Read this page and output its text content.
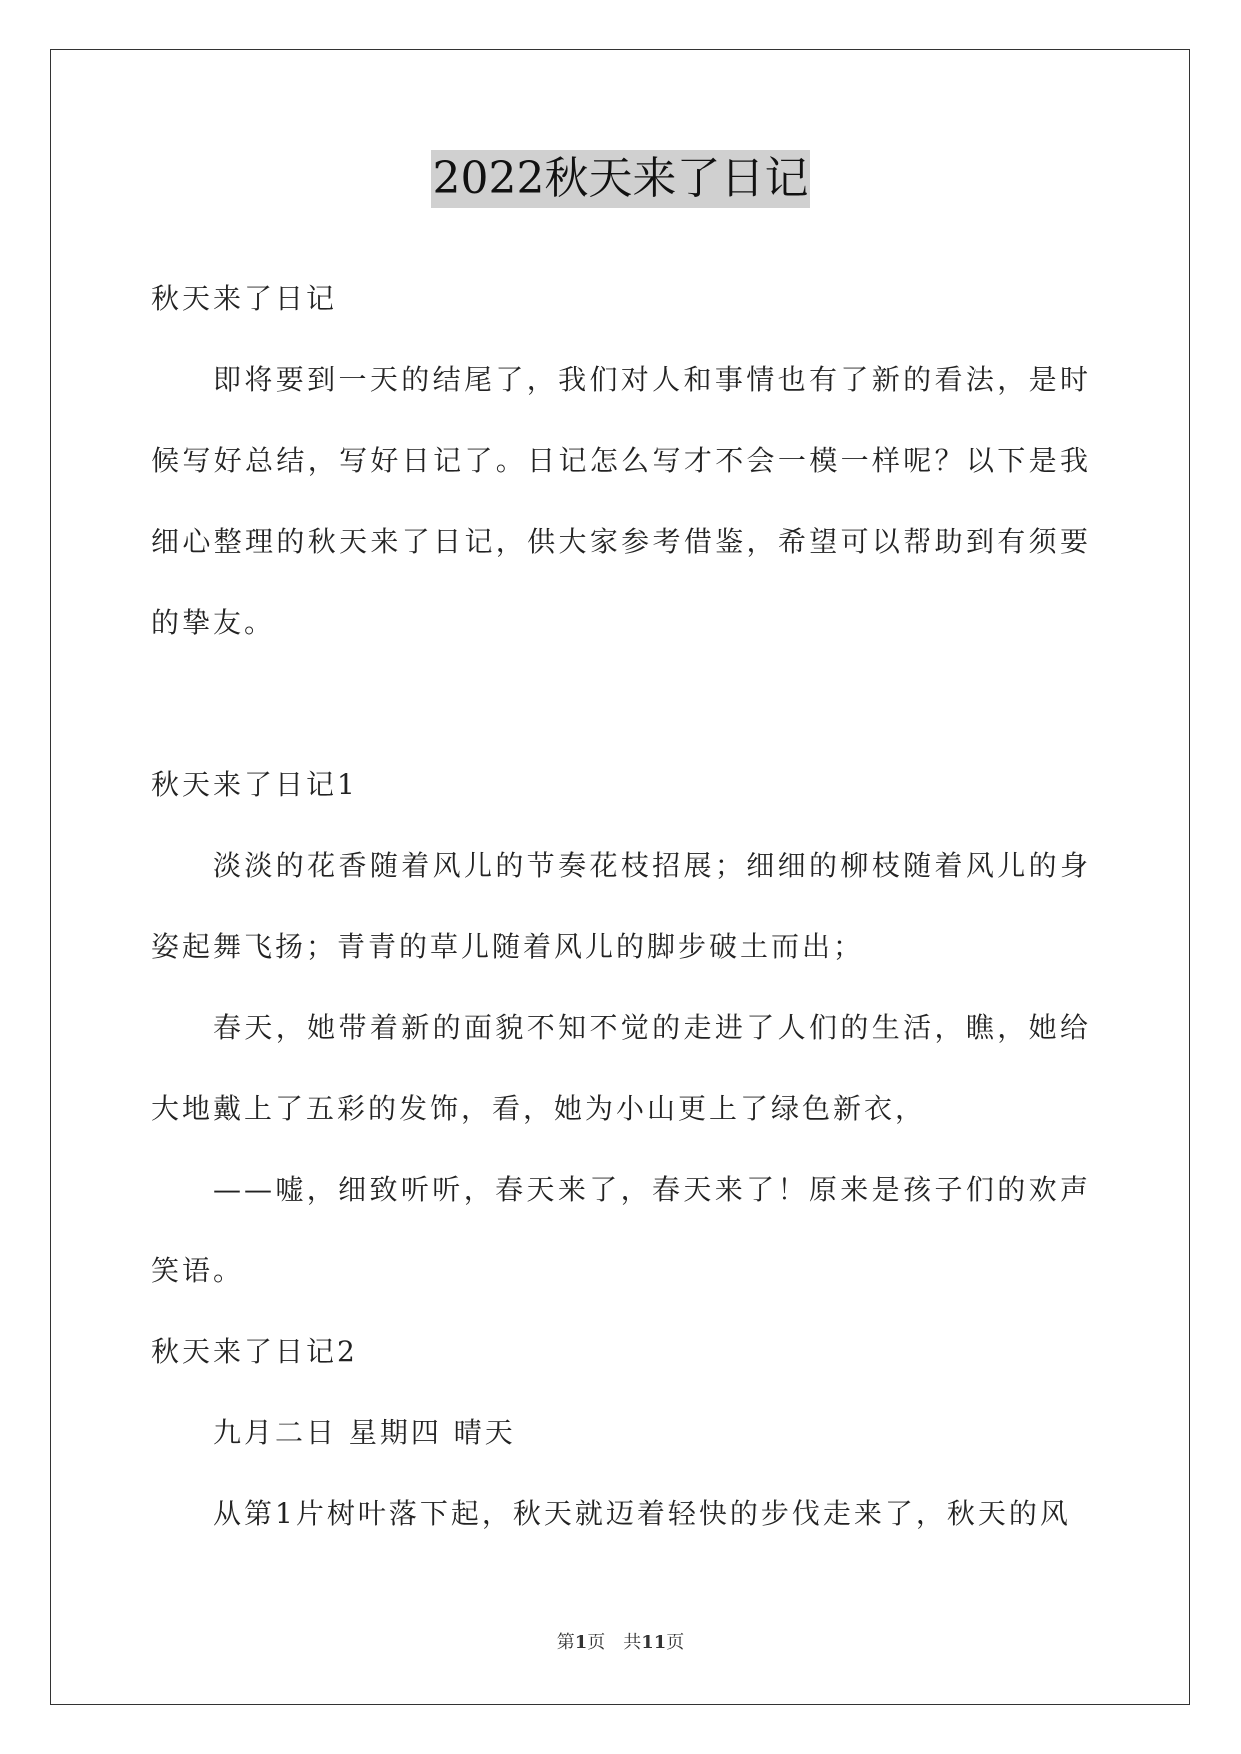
2022秋天来了日记

秋天来了日记

即将要到一天的结尾了，我们对人和事情也有了新的看法，是时候写好总结，写好日记了。日记怎么写才不会一模一样呢？以下是我细心整理的秋天来了日记，供大家参考借鉴，希望可以帮助到有须要的挚友。

秋天来了日记1

淡淡的花香随着风儿的节奏花枝招展；细细的柳枝随着风儿的身姿起舞飞扬；青青的草儿随着风儿的脚步破土而出；

春天，她带着新的面貌不知不觉的走进了人们的生活，瞧，她给大地戴上了五彩的发饰，看，她为小山更上了绿色新衣，

——嘘，细致听听，春天来了，春天来了！原来是孩子们的欢声笑语。

秋天来了日记2

九月二日 星期四 晴天

从第1片树叶落下起，秋天就迈着轻快的步伐走来了，秋天的风

第1页　共11页
